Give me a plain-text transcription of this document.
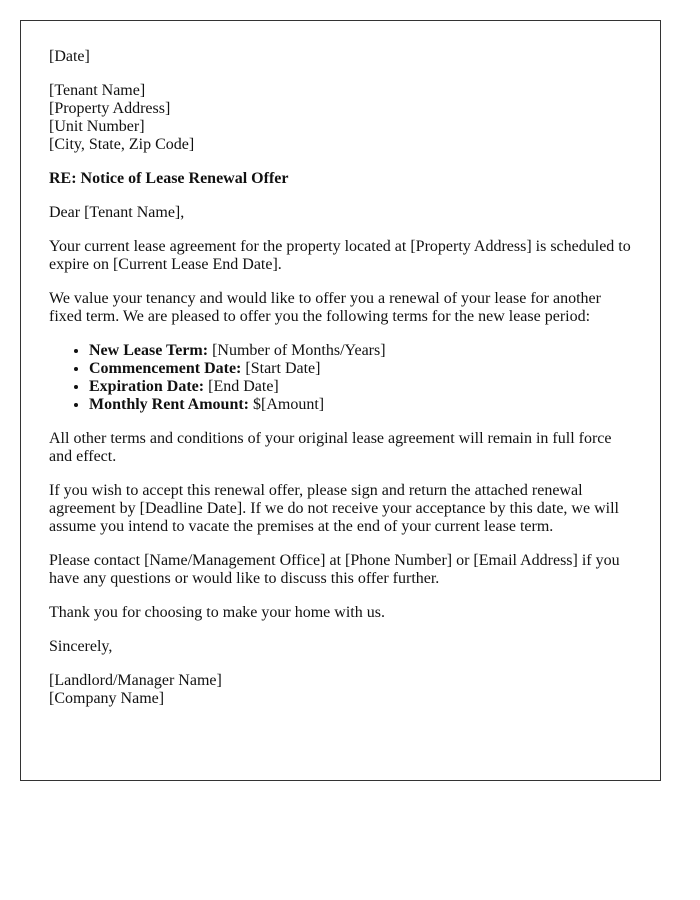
[Date]

[Tenant Name]
[Property Address]
[Unit Number]
[City, State, Zip Code]

RE: Notice of Lease Renewal Offer

Dear [Tenant Name],

Your current lease agreement for the property located at [Property Address] is scheduled to expire on [Current Lease End Date].

We value your tenancy and would like to offer you a renewal of your lease for another fixed term. We are pleased to offer you the following terms for the new lease period:

• New Lease Term: [Number of Months/Years]
• Commencement Date: [Start Date]
• Expiration Date: [End Date]
• Monthly Rent Amount: $[Amount]

All other terms and conditions of your original lease agreement will remain in full force and effect.

If you wish to accept this renewal offer, please sign and return the attached renewal agreement by [Deadline Date]. If we do not receive your acceptance by this date, we will assume you intend to vacate the premises at the end of your current lease term.

Please contact [Name/Management Office] at [Phone Number] or [Email Address] if you have any questions or would like to discuss this offer further.

Thank you for choosing to make your home with us.

Sincerely,

[Landlord/Manager Name]
[Company Name]
